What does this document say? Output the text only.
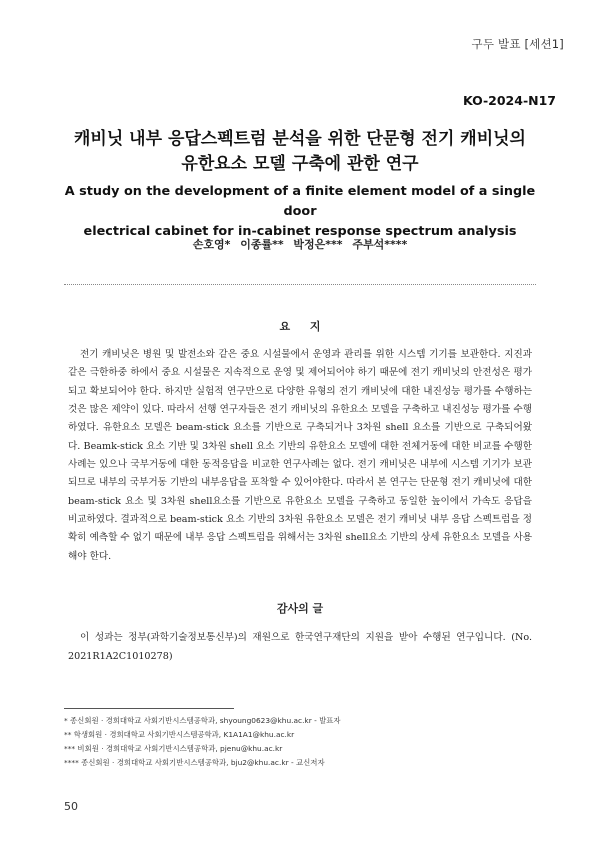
구두 발표 [세션1]
KO-2024-N17
캐비닛 내부 응답스펙트럼 분석을 위한 단문형 전기 캐비닛의
유한요소 모델 구축에 관한 연구
A study on the development of a finite element model of a single door
electrical cabinet for in-cabinet response spectrum analysis
손호영* 이종률** 박정은*** 주부석****
요 지

전기 캐비닛은 병원 및 발전소와 같은 중요 시설물에서 운영과 관리를 위한 시스템 기기를 보관한다. 지진과 같은 극한하중 하에서 중요 시설물은 지속적으로 운영 및 제어되어야 하기 때문에 전기 캐비닛의 안전성은 평가되고 확보되어야 한다. 하지만 실험적 연구만으로 다양한 유형의 전기 캐비닛에 대한 내진성능 평가를 수행하는 것은 많은 제약이 있다. 따라서 선행 연구자들은 전기 캐비닛의 유한요소 모델을 구축하고 내진성능 평가를 수행하였다. 유한요소 모델은 beam-stick 요소를 기반으로 구축되거나 3차원 shell 요소를 기반으로 구축되어왔다. Beamk-stick 요소 기반 및 3차원 shell 요소 기반의 유한요소 모델에 대한 전체거동에 대한 비교를 수행한 사례는 있으나 국부거동에 대한 동적응답을 비교한 연구사례는 없다. 전기 캐비닛은 내부에 시스템 기기가 보관되므로 내부의 국부거동 기반의 내부응답을 포착할 수 있어야한다. 따라서 본 연구는 단문형 전기 캐비닛에 대한 beam-stick 요소 및 3차원 shell요소를 기반으로 유한요소 모델을 구축하고 동일한 높이에서 가속도 응답을 비교하였다. 결과적으로 beam-stick 요소 기반의 3차원 유한요소 모델은 전기 캐비닛 내부 응답 스펙트럼을 정확히 예측할 수 없기 때문에 내부 응답 스펙트럼을 위해서는 3차원 shell요소 기반의 상세 유한요소 모델을 사용해야 한다.

감사의 글

이 성과는 정부(과학기술정보통신부)의 재원으로 한국연구재단의 지원을 받아 수행된 연구입니다. (No. 2021R1A2C1010278)

* 종신회원 · 경희대학교 사회기반시스템공학과, shyoung0623@khu.ac.kr - 발표자
** 학생회원 · 경희대학교 사회기반시스템공학과, K1A1A1@khu.ac.kr
*** 비회원 · 경희대학교 사회기반시스템공학과, pjenu@khu.ac.kr
**** 종신회원 · 경희대학교 사회기반시스템공학과, bju2@khu.ac.kr - 교신저자
50
